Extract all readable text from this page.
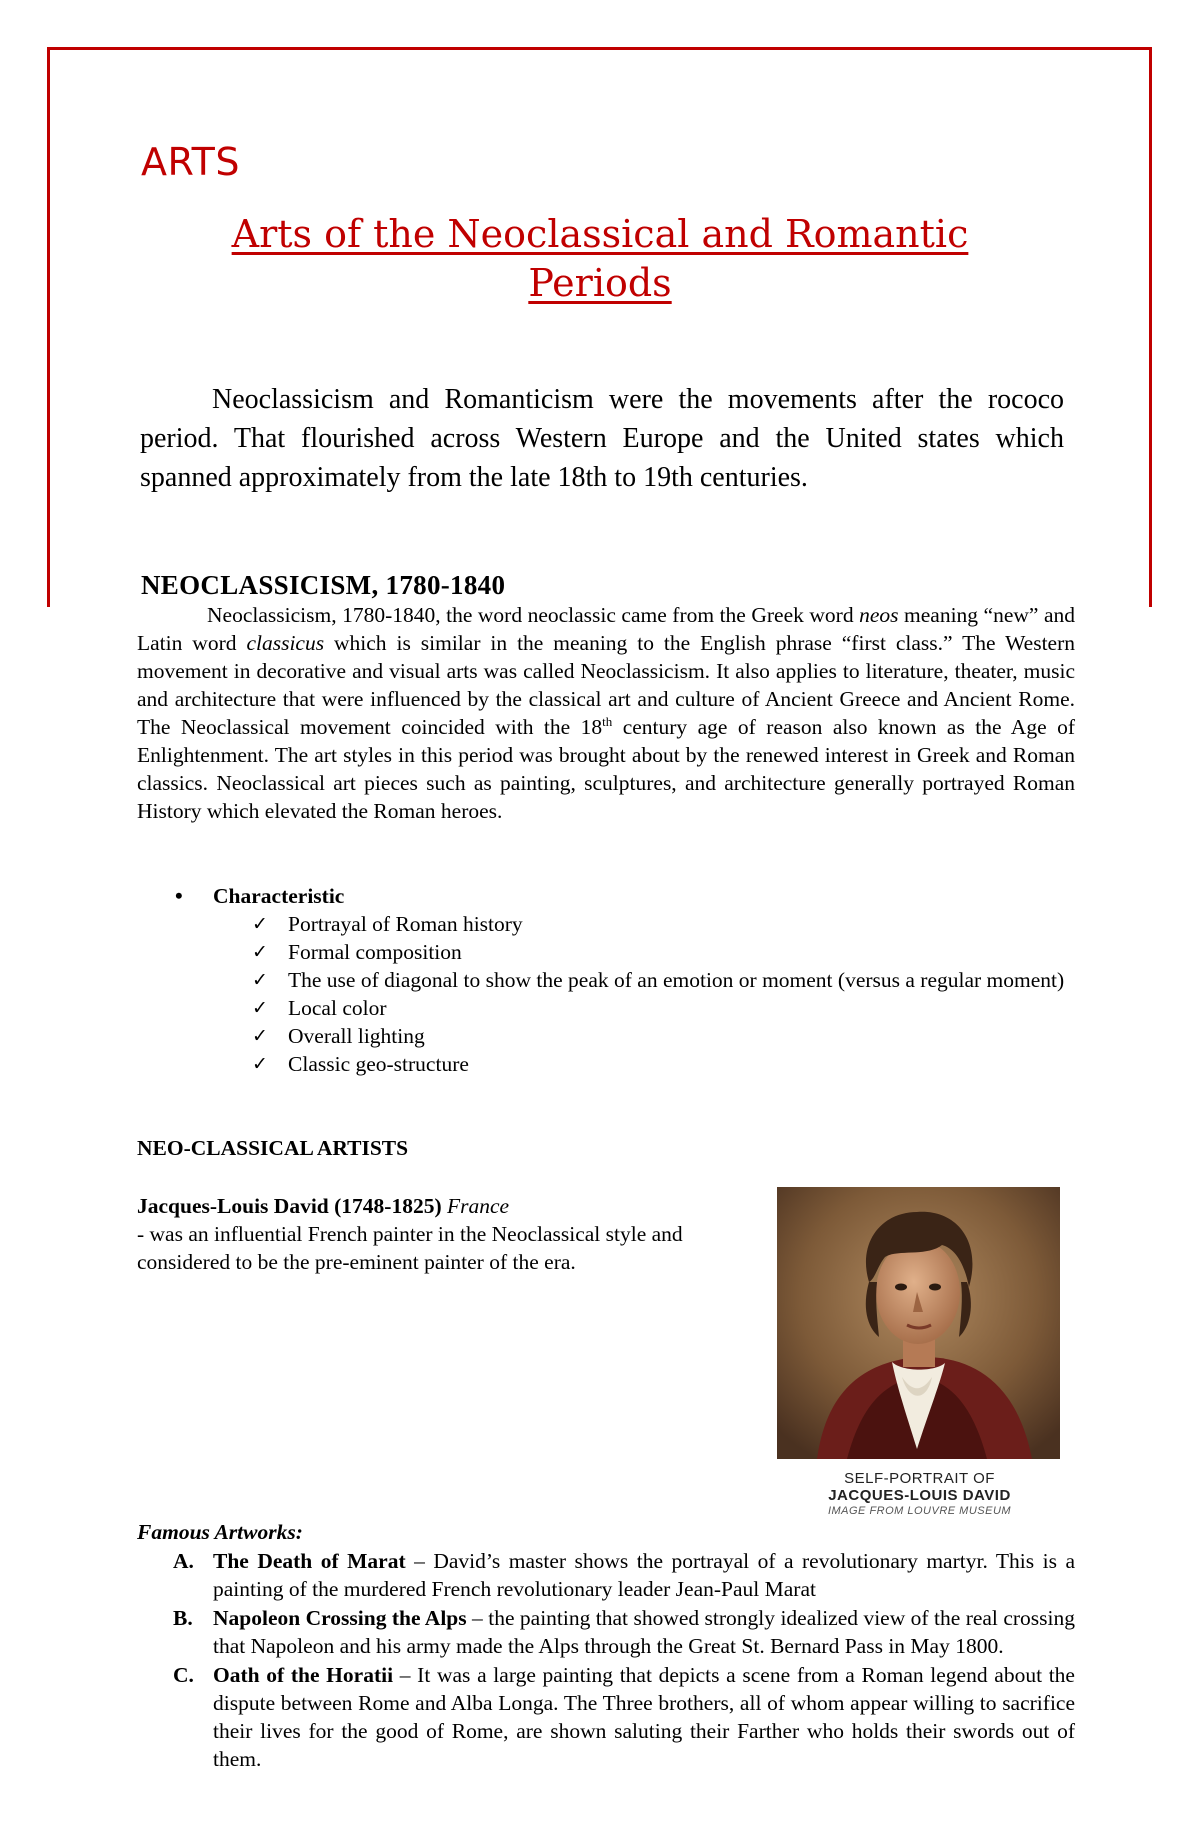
ARTS
Arts of the Neoclassical and Romantic Periods

Neoclassicism and Romanticism were the movements after the rococo period. That flourished across Western Europe and the United states which spanned approximately from the late 18th to 19th centuries.

NEOCLASSICISM, 1780-1840

Neoclassicism, 1780-1840, the word neoclassic came from the Greek word neos meaning “new” and Latin word classicus which is similar in the meaning to the English phrase “first class.” The Western movement in decorative and visual arts was called Neoclassicism. It also applies to literature, theater, music and architecture that were influenced by the classical art and culture of Ancient Greece and Ancient Rome. The Neoclassical movement coincided with the 18th century age of reason also known as the Age of Enlightenment. The art styles in this period was brought about by the renewed interest in Greek and Roman classics. Neoclassical art pieces such as painting, sculptures, and architecture generally portrayed Roman History which elevated the Roman heroes.

•	Characteristic
✓ Portrayal of Roman history
✓ Formal composition
✓ The use of diagonal to show the peak of an emotion or moment (versus a regular moment)
✓ Local color
✓ Overall lighting
✓ Classic geo-structure
NEO-CLASSICAL ARTISTS
Jacques-Louis David (1748-1825) France
- was an influential French painter in the Neoclassical style and considered to be the pre-eminent painter of the era.
SELF-PORTRAIT OF
JACQUES-LOUIS DAVID
IMAGE FROM LOUVRE MUSEUM
Famous Artworks:
A. The Death of Marat – David’s master shows the portrayal of a revolutionary martyr. This is a painting of the murdered French revolutionary leader Jean-Paul Marat
B. Napoleon Crossing the Alps – the painting that showed strongly idealized view of the real crossing that Napoleon and his army made the Alps through the Great St. Bernard Pass in May 1800.
C. Oath of the Horatii – It was a large painting that depicts a scene from a Roman legend about the dispute between Rome and Alba Longa. The Three brothers, all of whom appear willing to sacrifice their lives for the good of Rome, are shown saluting their Farther who holds their swords out of them.
